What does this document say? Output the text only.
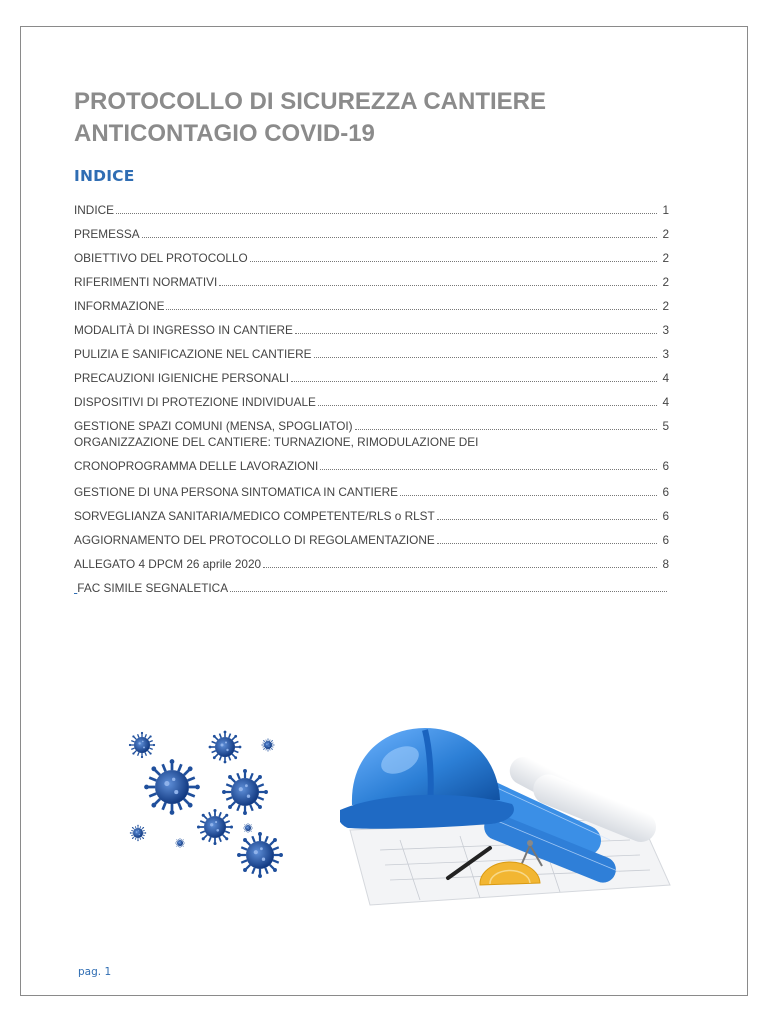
PROTOCOLLO DI SICUREZZA CANTIERE
ANTICONTAGIO COVID-19
INDICE
INDICE	1
PREMESSA	2
OBIETTIVO DEL PROTOCOLLO	2
RIFERIMENTI NORMATIVI	2
INFORMAZIONE	2
MODALITÀ DI INGRESSO IN CANTIERE	3
PULIZIA E SANIFICAZIONE NEL CANTIERE	3
PRECAUZIONI IGIENICHE PERSONALI	4
DISPOSITIVI DI PROTEZIONE INDIVIDUALE	4
GESTIONE SPAZI COMUNI (MENSA, SPOGLIATOI)	5
ORGANIZZAZIONE DEL CANTIERE: TURNAZIONE, RIMODULAZIONE DEI
CRONOPROGRAMMA DELLE LAVORAZIONI	6
GESTIONE DI UNA PERSONA SINTOMATICA IN CANTIERE	6
SORVEGLIANZA SANITARIA/MEDICO COMPETENTE/RLS o RLST	6
AGGIORNAMENTO DEL PROTOCOLLO DI REGOLAMENTAZIONE	6
ALLEGATO 4 DPCM 26 aprile 2020	8

FAC SIMILE SEGNALETICA
pag. 1
